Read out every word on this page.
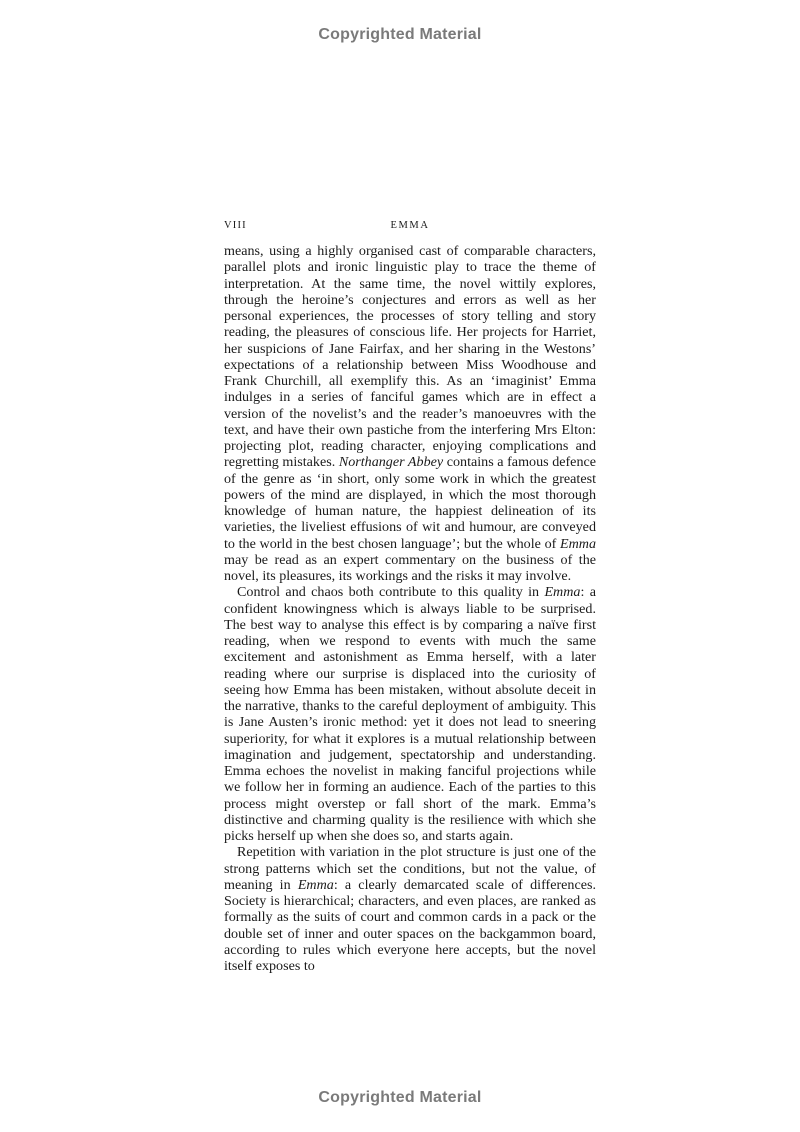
Copyrighted Material
VIII	EMMA

means, using a highly organised cast of comparable characters, parallel plots and ironic linguistic play to trace the theme of interpretation. At the same time, the novel wittily explores, through the heroine’s conjectures and errors as well as her personal experiences, the processes of story telling and story reading, the pleasures of conscious life. Her projects for Harriet, her suspicions of Jane Fairfax, and her sharing in the Westons’ expectations of a relationship between Miss Woodhouse and Frank Churchill, all exemplify this. As an ‘imaginist’ Emma indulges in a series of fanciful games which are in effect a version of the novelist’s and the reader’s manoeuvres with the text, and have their own pastiche from the interfering Mrs Elton: projecting plot, reading character, enjoying complications and regretting mistakes. Northanger Abbey contains a famous defence of the genre as ‘in short, only some work in which the greatest powers of the mind are displayed, in which the most thorough knowledge of human nature, the happiest delineation of its varieties, the liveliest effusions of wit and humour, are conveyed to the world in the best chosen language’; but the whole of Emma may be read as an expert commentary on the business of the novel, its pleasures, its workings and the risks it may involve.

Control and chaos both contribute to this quality in Emma: a confident knowingness which is always liable to be surprised. The best way to analyse this effect is by comparing a naïve first reading, when we respond to events with much the same excitement and astonishment as Emma herself, with a later reading where our surprise is displaced into the curiosity of seeing how Emma has been mistaken, without absolute deceit in the narrative, thanks to the careful deployment of ambiguity. This is Jane Austen’s ironic method: yet it does not lead to sneering superiority, for what it explores is a mutual relationship between imagination and judgement, spectatorship and understanding. Emma echoes the novelist in making fanciful projections while we follow her in forming an audience. Each of the parties to this process might overstep or fall short of the mark. Emma’s distinctive and charming quality is the resilience with which she picks herself up when she does so, and starts again.

Repetition with variation in the plot structure is just one of the strong patterns which set the conditions, but not the value, of meaning in Emma: a clearly demarcated scale of differences. Society is hierarchical; characters, and even places, are ranked as formally as the suits of court and common cards in a pack or the double set of inner and outer spaces on the backgammon board, according to rules which everyone here accepts, but the novel itself exposes to

Copyrighted Material
